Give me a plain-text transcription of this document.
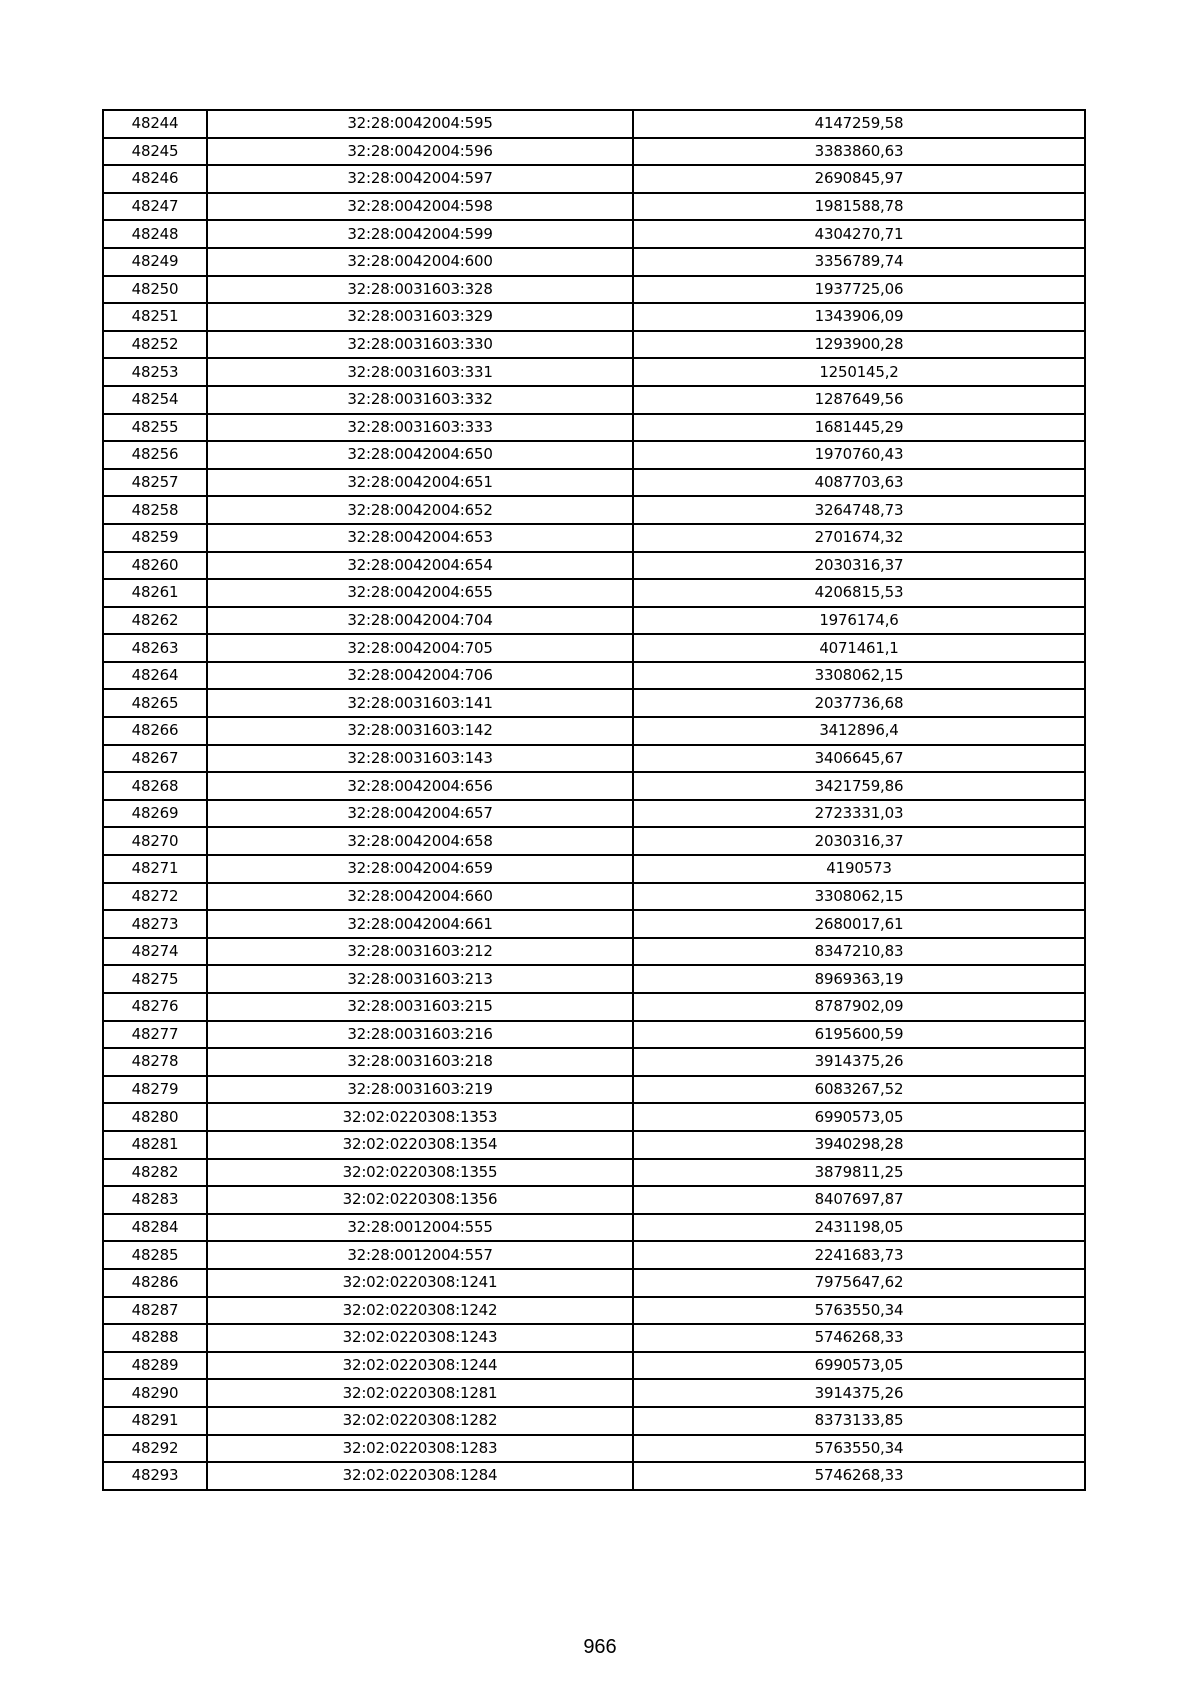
48244	32:28:0042004:595	4147259,58
48245	32:28:0042004:596	3383860,63
48246	32:28:0042004:597	2690845,97
48247	32:28:0042004:598	1981588,78
48248	32:28:0042004:599	4304270,71
48249	32:28:0042004:600	3356789,74
48250	32:28:0031603:328	1937725,06
48251	32:28:0031603:329	1343906,09
48252	32:28:0031603:330	1293900,28
48253	32:28:0031603:331	1250145,2
48254	32:28:0031603:332	1287649,56
48255	32:28:0031603:333	1681445,29
48256	32:28:0042004:650	1970760,43
48257	32:28:0042004:651	4087703,63
48258	32:28:0042004:652	3264748,73
48259	32:28:0042004:653	2701674,32
48260	32:28:0042004:654	2030316,37
48261	32:28:0042004:655	4206815,53
48262	32:28:0042004:704	1976174,6
48263	32:28:0042004:705	4071461,1
48264	32:28:0042004:706	3308062,15
48265	32:28:0031603:141	2037736,68
48266	32:28:0031603:142	3412896,4
48267	32:28:0031603:143	3406645,67
48268	32:28:0042004:656	3421759,86
48269	32:28:0042004:657	2723331,03
48270	32:28:0042004:658	2030316,37
48271	32:28:0042004:659	4190573
48272	32:28:0042004:660	3308062,15
48273	32:28:0042004:661	2680017,61
48274	32:28:0031603:212	8347210,83
48275	32:28:0031603:213	8969363,19
48276	32:28:0031603:215	8787902,09
48277	32:28:0031603:216	6195600,59
48278	32:28:0031603:218	3914375,26
48279	32:28:0031603:219	6083267,52
48280	32:02:0220308:1353	6990573,05
48281	32:02:0220308:1354	3940298,28
48282	32:02:0220308:1355	3879811,25
48283	32:02:0220308:1356	8407697,87
48284	32:28:0012004:555	2431198,05
48285	32:28:0012004:557	2241683,73
48286	32:02:0220308:1241	7975647,62
48287	32:02:0220308:1242	5763550,34
48288	32:02:0220308:1243	5746268,33
48289	32:02:0220308:1244	6990573,05
48290	32:02:0220308:1281	3914375,26
48291	32:02:0220308:1282	8373133,85
48292	32:02:0220308:1283	5763550,34
48293	32:02:0220308:1284	5746268,33
966
